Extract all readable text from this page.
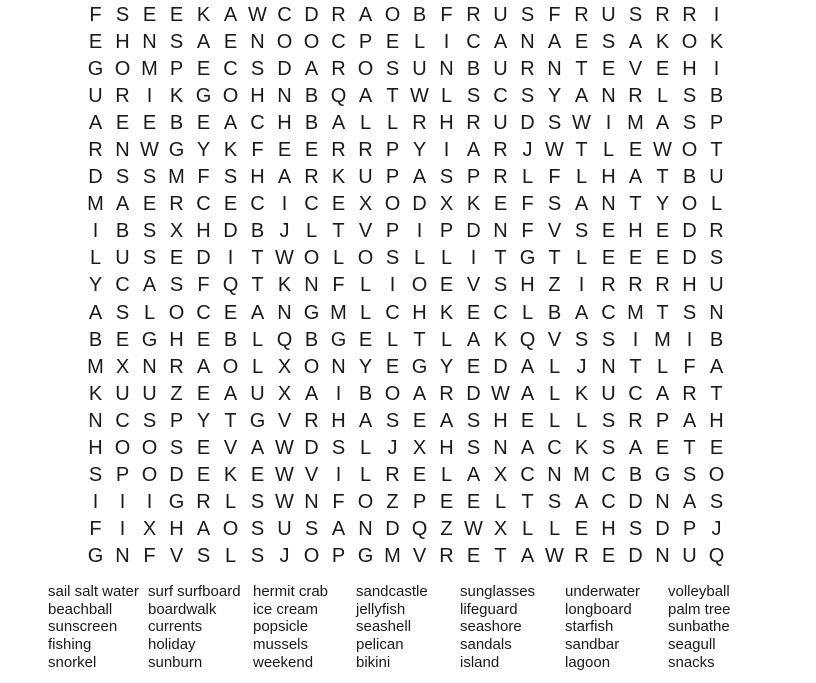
F S E E K A W C D R A O B F R U S F R U S R R I
E H N S A E N O O C P E L I C A N A E S A K O K
G O M P E C S D A R O S U N B U R N T E V E H I
U R I K G O H N B Q A T W L S C S Y A N R L S B
A E E B E A C H B A L L R H R U D S W I M A S P
R N W G Y K F E E R R P Y I A R J W T L E W O T
D S S M F S H A R K U P A S P R L F L H A T B U
M A E R C E C I C E X O D X K E F S A N T Y O L
I B S X H D B J L T V P I P D N F V S E H E D R
L U S E D I T W O L O S L L I T G T L E E E D S
Y C A S F Q T K N F L I O E V S H Z I R R R H U
A S L O C E A N G M L C H K E C L B A C M T S N
B E G H E B L Q B G E L T L A K Q V S S I M I B
M X N R A O L X O N Y E G Y E D A L J N T L F A
K U U Z E A U X A I B O A R D W A L K U C A R T
N C S P Y T G V R H A S E A S H E L L S R P A H
H O O S E V A W D S L J X H S N A C K S A E T E
S P O D E K E W V I L R E L A X C N M C B G S O
I	I	I G R L S W N F O Z P E E L T S A C D N A S
F I X H A O S U S A N D Q Z W X L L E H S D P J
G N F V S L S J O P G M V R E T A W R E D N U Q
sail salt water
beachball
sunscreen
fishing
snorkel
surf surfboard
boardwalk
currents
holiday
sunburn
hermit crab
ice cream
popsicle
mussels
weekend
sandcastle
jellyfish
seashell
pelican
bikini
sunglasses
lifeguard
seashore
sandals
island
underwater
longboard
starfish
sandbar
lagoon
volleyball
palm tree
sunbathe
seagull
snacks
